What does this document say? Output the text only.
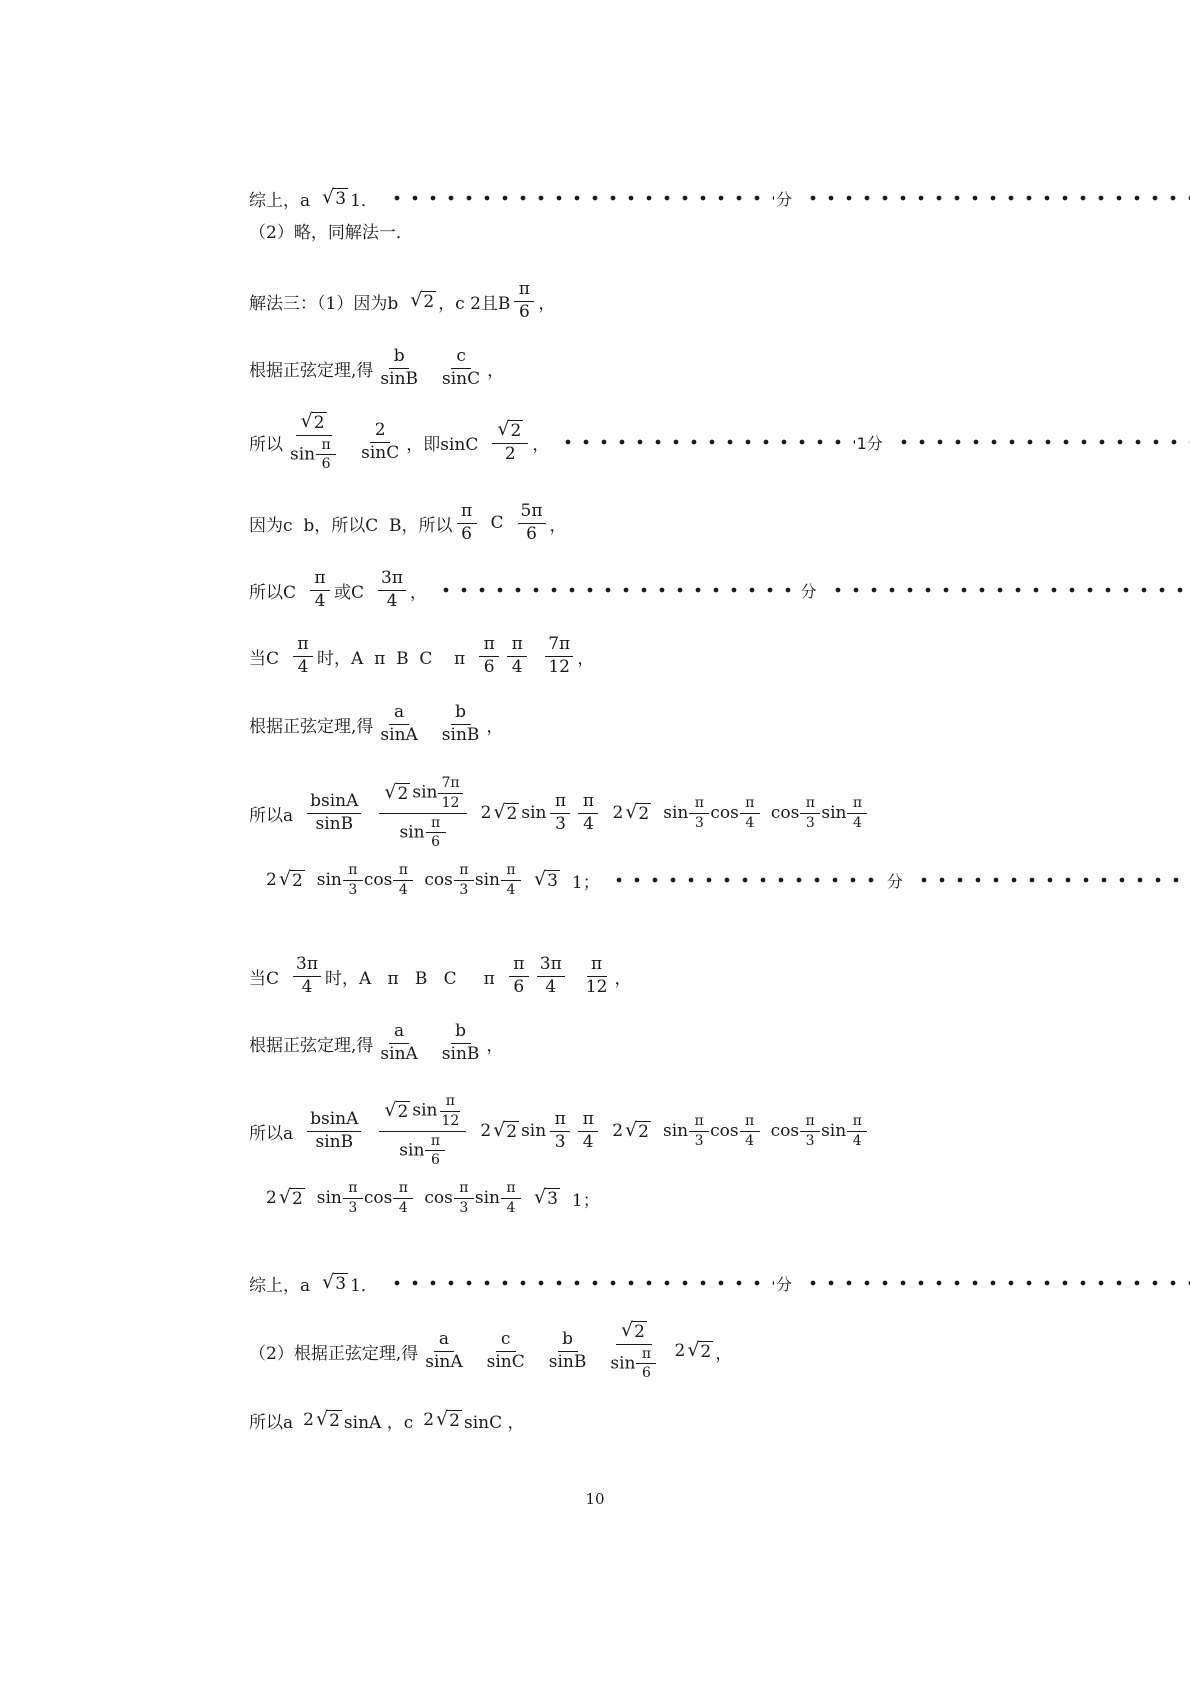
综上，a √ 3 1．	分
（2）略，同解法一．
解法三：（1）因为b √ 2 ，c 2且B $\frac{\pi}{6}$ ，
根据正弦定理,得 $\frac{b}{\sin B} \frac{c}{\sin C}$ ，
所以 $\frac{√ 2}{\sin \frac{\pi}{6}} \frac{2}{\sin C}$ ，即sinC $\frac{√ 2}{2}$ ，	1分
因为c  b，所以C  B，所以 $\frac{\pi}{6}$ C $\frac{5\pi}{6}$ ，
所以C $\frac{\pi}{4}$ 或C $\frac{3\pi}{4}$ ，	分
当C $\frac{\pi}{4}$ 时，A  π  B  C    π $\frac{\pi}{6} \frac{\pi}{4} \frac{7\pi}{12}$ ，
根据正弦定理,得 $\frac{a}{\sin A} \frac{b}{\sin B}$ ，
所以a $\frac{bsinA}{\sin B} \frac{√ 2 \sin \frac{7\pi}{12}}{\sin \frac{\pi}{6}} 2$ √ 2 $\sin \frac{\pi}{3} \frac{\pi}{4} 2$ √ 2 $\sin \frac{\pi}{3}$ $\cos \frac{\pi}{4}$ $\cos \frac{\pi}{3}$ $\sin \frac{\pi}{4}$
2 √ 2 $\sin \frac{\pi}{3}$ $\cos \frac{\pi}{4}$ $\cos \frac{\pi}{3}$ $\sin \frac{\pi}{4}$ √ 3 1；	分
当C $\frac{3\pi}{4}$ 时，A   π   B   C     π $\frac{\pi}{6} \frac{3\pi}{4} \frac{\pi}{12}$ ，
根据正弦定理,得 $\frac{a}{\sin A} \frac{b}{\sin B}$ ，
所以a $\frac{bsinA}{\sin B} \frac{√ 2 \sin \frac{\pi}{12}}{\sin \frac{\pi}{6}} 2$ √ 2 $\sin \frac{\pi}{3} \frac{\pi}{4} 2$ √ 2 $\sin \frac{\pi}{3}$ $\cos \frac{\pi}{4}$ $\cos \frac{\pi}{3}$ $\sin \frac{\pi}{4}$
2 √ 2 $\sin \frac{\pi}{3}$ $\cos \frac{\pi}{4}$ $\cos \frac{\pi}{3}$ $\sin \frac{\pi}{4}$ √ 3 1；
综上，a √ 3 1．	分
（2）根据正弦定理,得 $\frac{a}{\sin A} \frac{c}{\sin C} \frac{b}{\sin B} \frac{√ 2}{\sin \frac{\pi}{6}} 2$ √ 2 ，
所以a 2 √ 2 sinA ，c 2 √ 2 sinC ，
10
